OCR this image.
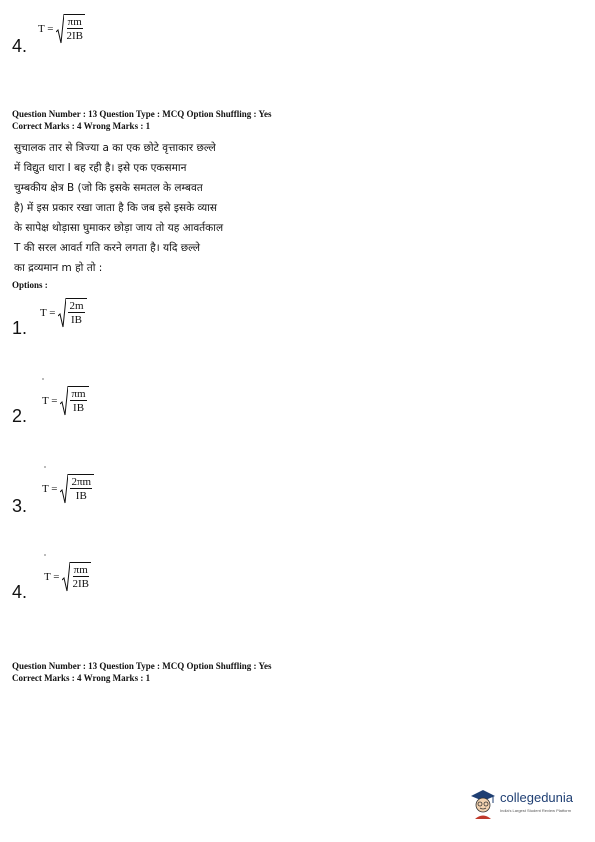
4.
$T = \frac{\pi m}{2IB}$
Question Number : 13 Question Type : MCQ Option Shuffling : Yes
Correct Marks : 4 Wrong Marks : 1
सुचालक तार से त्रिज्या a का एक छोटे वृत्ताकार छल्ले
में विद्युत धारा I बह रही है। इसे एक एकसमान
चुम्बकीय क्षेत्र B (जो कि इसके समतल के लम्बवत
है) में इस प्रकार रखा जाता है कि जब इसे इसके व्यास
के सापेक्ष थोड़ासा घुमाकर छोड़ा जाय तो यह आवर्तकाल
T की सरल आवर्त गति करने लगता है। यदि छल्ले
का द्रव्यमान m हो तो :
Options :
1.
$T = \frac{2m}{IB}$
2.
$T = \frac{\pi m}{IB}$
3.
$T = \frac{2\pi m}{IB}$
4.
$T = \frac{\pi m}{2IB}$
Question Number : 13 Question Type : MCQ Option Shuffling : Yes
Correct Marks : 4 Wrong Marks : 1
collegedunia
India's Largest Student Review Platform
